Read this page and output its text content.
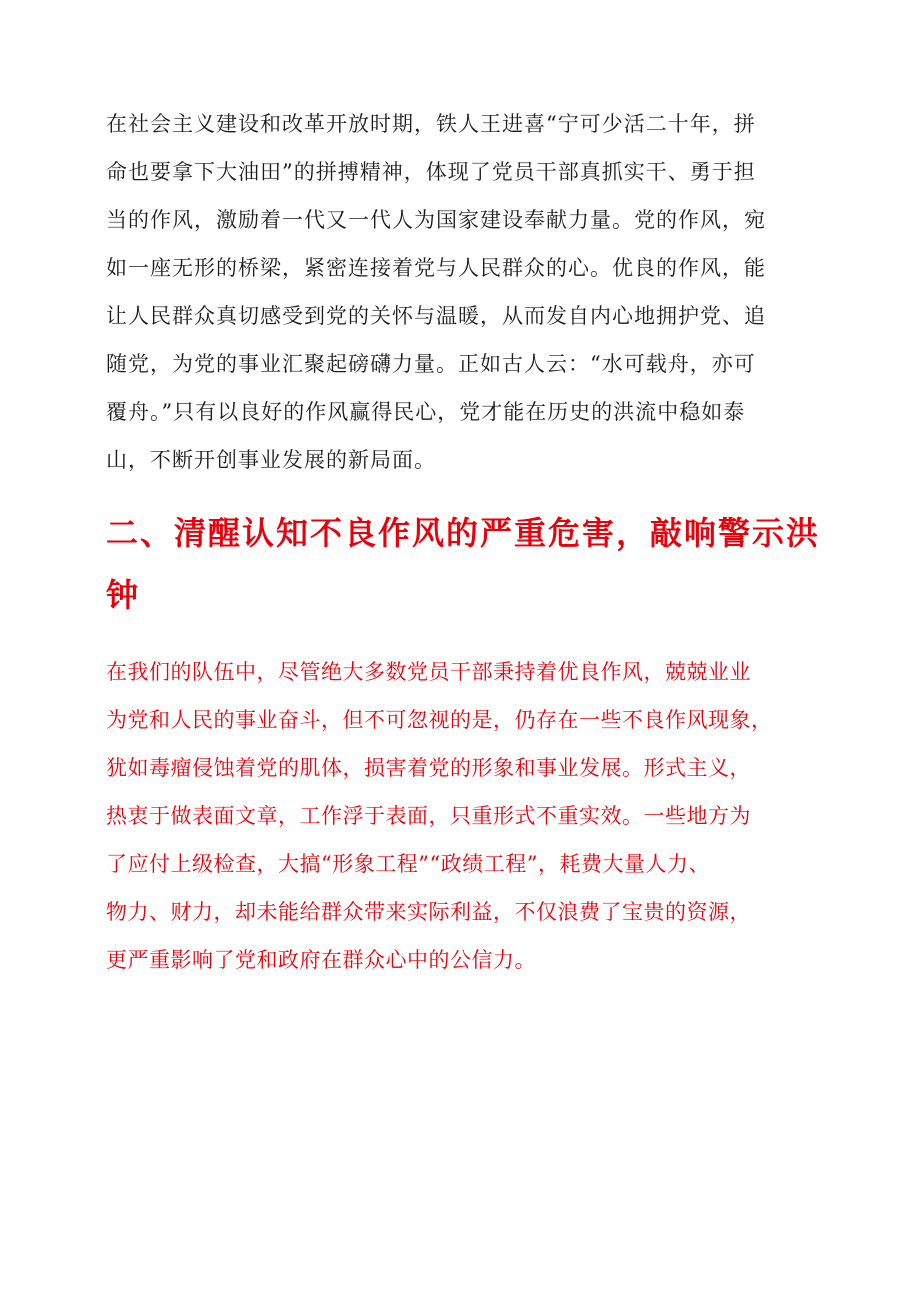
在社会主义建设和改革开放时期，铁人王进喜“宁可少活二十年，拼
命也要拿下大油田”的拼搏精神，体现了党员干部真抓实干、勇于担
当的作风，激励着一代又一代人为国家建设奉献力量。党的作风，宛
如一座无形的桥梁，紧密连接着党与人民群众的心。优良的作风，能
让人民群众真切感受到党的关怀与温暖，从而发自内心地拥护党、追
随党，为党的事业汇聚起磅礴力量。正如古人云：“水可载舟，亦可
覆舟。”只有以良好的作风赢得民心，党才能在历史的洪流中稳如泰
山，不断开创事业发展的新局面。

二、清醒认知不良作风的严重危害，敲响警示洪
钟

在我们的队伍中，尽管绝大多数党员干部秉持着优良作风，兢兢业业
为党和人民的事业奋斗，但不可忽视的是，仍存在一些不良作风现象，
犹如毒瘤侵蚀着党的肌体，损害着党的形象和事业发展。形式主义，
热衷于做表面文章，工作浮于表面，只重形式不重实效。一些地方为
了应付上级检查，大搞“形象工程”“政绩工程”，耗费大量人力、
物力、财力，却未能给群众带来实际利益，不仅浪费了宝贵的资源，
更严重影响了党和政府在群众心中的公信力。
